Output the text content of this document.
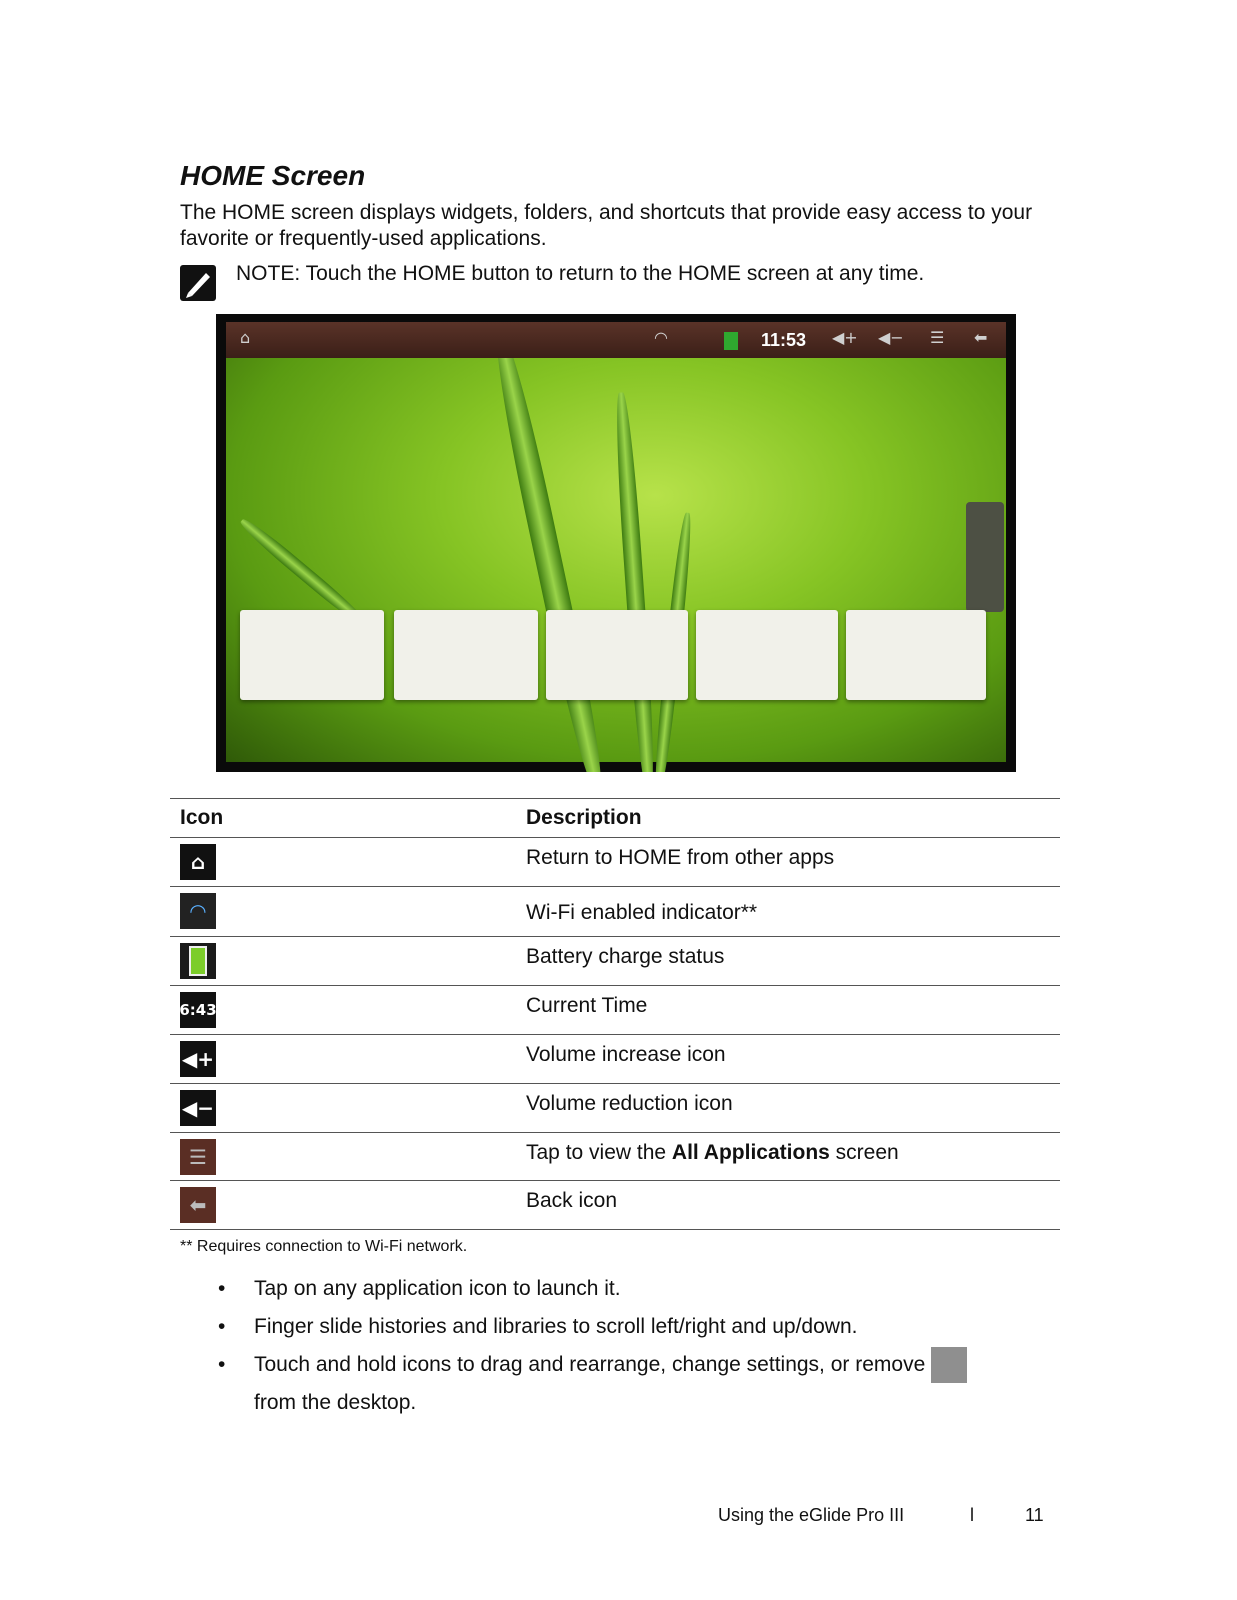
HOME Screen

The HOME screen displays widgets, folders, and shortcuts that provide easy access to your favorite or frequently-used applications.

NOTE: Touch the HOME button to return to the HOME screen at any time.
⌂	◠	11:53 ◀+ ◀− ☰ ⬅
Icon	Description

⌂	Return to HOME from other apps

◠	Wi-Fi enabled indicator**

	Battery charge status

6:43	Current Time

◀+	Volume increase icon

◀−	Volume reduction icon

☰	Tap to view the All Applications screen

⬅	Back icon
** Requires connection to Wi-Fi network.
• Tap on any application icon to launch it.
• Finger slide histories and libraries to scroll left/right and up/down.
• Touch and hold icons to drag and rearrange, change settings, or remove
from the desktop.
Using the eGlide Pro III	l	11
